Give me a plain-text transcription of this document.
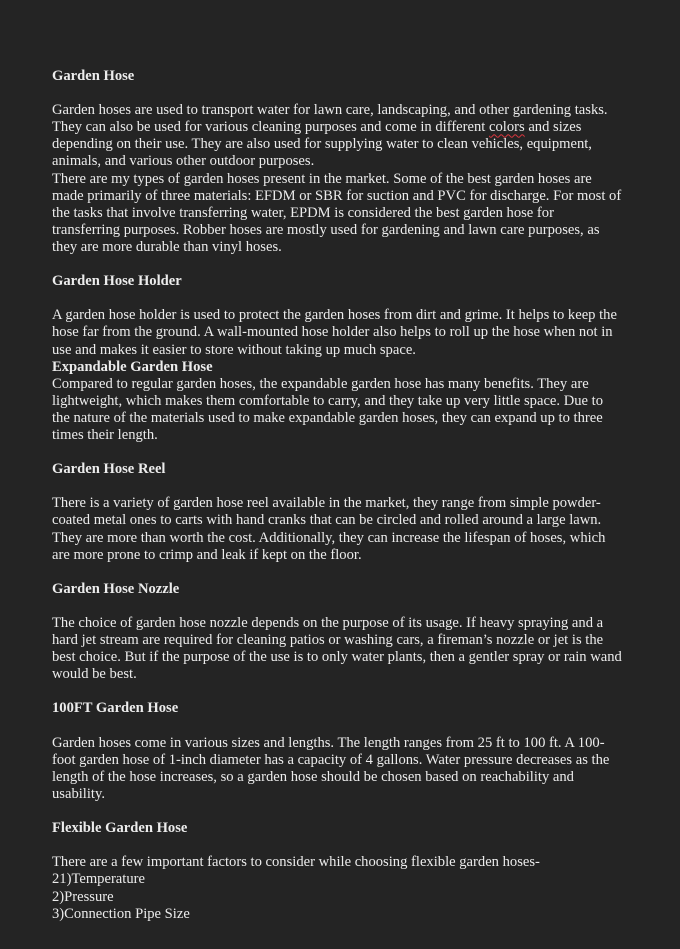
Garden Hose

Garden hoses are used to transport water for lawn care, landscaping, and other gardening tasks. They can also be used for various cleaning purposes and come in different colors and sizes depending on their use. They are also used for supplying water to clean vehicles, equipment, animals, and various other outdoor purposes.

There are my types of garden hoses present in the market. Some of the best garden hoses are made primarily of three materials: EFDM or SBR for suction and PVC for discharge. For most of the tasks that involve transferring water, EPDM is considered the best garden hose for transferring purposes. Robber hoses are mostly used for gardening and lawn care purposes, as they are more durable than vinyl hoses.

Garden Hose Holder

A garden hose holder is used to protect the garden hoses from dirt and grime. It helps to keep the hose far from the ground. A wall-mounted hose holder also helps to roll up the hose when not in use and makes it easier to store without taking up much space.

Expandable Garden Hose

Compared to regular garden hoses, the expandable garden hose has many benefits. They are lightweight, which makes them comfortable to carry, and they take up very little space. Due to the nature of the materials used to make expandable garden hoses, they can expand up to three times their length.

Garden Hose Reel

There is a variety of garden hose reel available in the market, they range from simple powder-coated metal ones to carts with hand cranks that can be circled and rolled around a large lawn. They are more than worth the cost. Additionally, they can increase the lifespan of hoses, which are more prone to crimp and leak if kept on the floor.

Garden Hose Nozzle

The choice of garden hose nozzle depends on the purpose of its usage. If heavy spraying and a hard jet stream are required for cleaning patios or washing cars, a fireman’s nozzle or jet is the best choice. But if the purpose of the use is to only water plants, then a gentler spray or rain wand would be best.

100FT Garden Hose

Garden hoses come in various sizes and lengths. The length ranges from 25 ft to 100 ft. A 100-foot garden hose of 1-inch diameter has a capacity of 4 gallons. Water pressure decreases as the length of the hose increases, so a garden hose should be chosen based on reachability and usability.

Flexible Garden Hose

There are a few important factors to consider while choosing flexible garden hoses-

21)Temperature

2)Pressure

3)Connection Pipe Size
